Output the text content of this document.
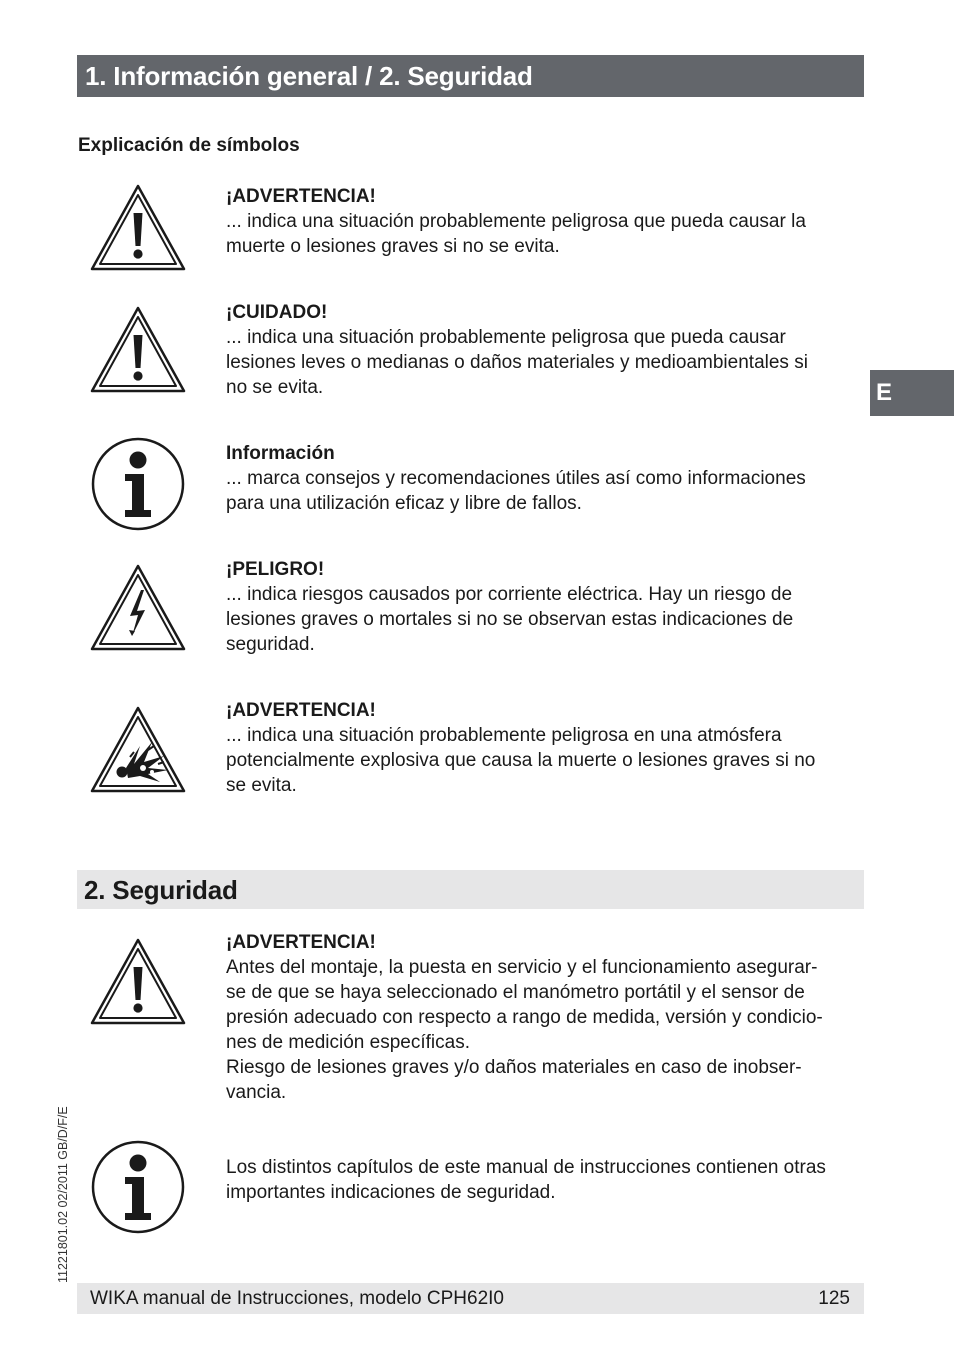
1. Información general / 2. Seguridad
Explicación de símbolos
¡ADVERTENCIA!
... indica una situación probablemente peligrosa que pueda causar la
muerte o lesiones graves si no se evita.
¡CUIDADO!
... indica una situación probablemente peligrosa que pueda causar
lesiones leves o medianas o daños materiales y medioambientales si
no se evita.
Información
... marca consejos y recomendaciones útiles así como informaciones
para una utilización eficaz y libre de fallos.
¡PELIGRO!
... indica riesgos causados por corriente eléctrica. Hay un riesgo de
lesiones graves o mortales si no se observan estas indicaciones de
seguridad.
¡ADVERTENCIA!
... indica una situación probablemente peligrosa en una atmósfera
potencialmente explosiva que causa la muerte o lesiones graves si no
se evita.
2. Seguridad
¡ADVERTENCIA!
Antes del montaje, la puesta en servicio y el funcionamiento asegurar-
se de que se haya seleccionado el manómetro portátil y el sensor de
presión adecuado con respecto a rango de medida, versión y condicio-
nes de medición específicas.
Riesgo de lesiones graves y/o daños materiales en caso de inobser-
vancia.
Los distintos capítulos de este manual de instrucciones contienen otras
importantes indicaciones de seguridad.
E
11221801.02 02/2011 GB/D/F/E
WIKA manual de Instrucciones, modelo CPH62I0	125
